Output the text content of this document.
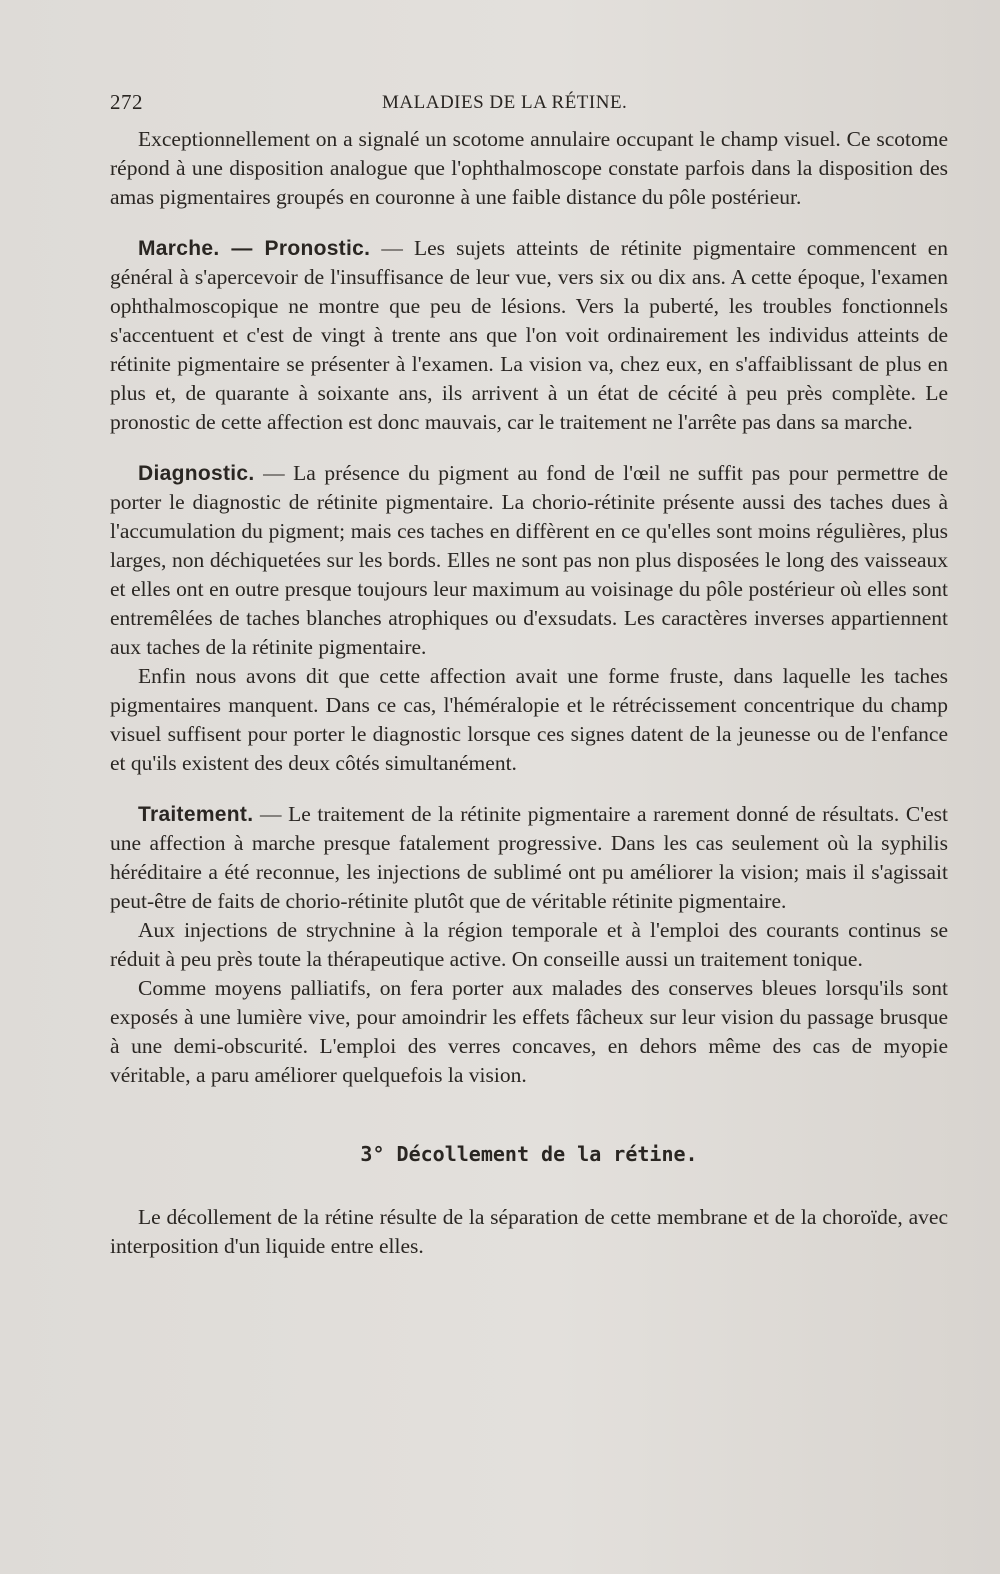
272	MALADIES DE LA RÉTINE.

Exceptionnellement on a signalé un scotome annulaire occupant le champ visuel. Ce scotome répond à une disposition analogue que l'ophthalmoscope constate parfois dans la disposition des amas pigmentaires groupés en couronne à une faible distance du pôle postérieur.

Marche. — Pronostic. — Les sujets atteints de rétinite pigmentaire commencent en général à s'apercevoir de l'insuffisance de leur vue, vers six ou dix ans. A cette époque, l'examen ophthalmoscopique ne montre que peu de lésions. Vers la puberté, les troubles fonctionnels s'accentuent et c'est de vingt à trente ans que l'on voit ordinairement les individus atteints de rétinite pigmentaire se présenter à l'examen. La vision va, chez eux, en s'affaiblissant de plus en plus et, de quarante à soixante ans, ils arrivent à un état de cécité à peu près complète. Le pronostic de cette affection est donc mauvais, car le traitement ne l'arrête pas dans sa marche.

Diagnostic. — La présence du pigment au fond de l'œil ne suffit pas pour permettre de porter le diagnostic de rétinite pigmentaire. La chorio-rétinite présente aussi des taches dues à l'accumulation du pigment; mais ces taches en diffèrent en ce qu'elles sont moins régulières, plus larges, non déchiquetées sur les bords. Elles ne sont pas non plus disposées le long des vaisseaux et elles ont en outre presque toujours leur maximum au voisinage du pôle postérieur où elles sont entremêlées de taches blanches atrophiques ou d'exsudats. Les caractères inverses appartiennent aux taches de la rétinite pigmentaire.

Enfin nous avons dit que cette affection avait une forme fruste, dans laquelle les taches pigmentaires manquent. Dans ce cas, l'héméralopie et le rétrécissement concentrique du champ visuel suffisent pour porter le diagnostic lorsque ces signes datent de la jeunesse ou de l'enfance et qu'ils existent des deux côtés simultanément.

Traitement. — Le traitement de la rétinite pigmentaire a rarement donné de résultats. C'est une affection à marche presque fatalement progressive. Dans les cas seulement où la syphilis héréditaire a été reconnue, les injections de sublimé ont pu améliorer la vision; mais il s'agissait peut-être de faits de chorio-rétinite plutôt que de véritable rétinite pigmentaire.

Aux injections de strychnine à la région temporale et à l'emploi des courants continus se réduit à peu près toute la thérapeutique active. On conseille aussi un traitement tonique.

Comme moyens palliatifs, on fera porter aux malades des conserves bleues lorsqu'ils sont exposés à une lumière vive, pour amoindrir les effets fâcheux sur leur vision du passage brusque à une demi-obscurité. L'emploi des verres concaves, en dehors même des cas de myopie véritable, a paru améliorer quelquefois la vision.

3° Décollement de la rétine.

Le décollement de la rétine résulte de la séparation de cette membrane et de la choroïde, avec interposition d'un liquide entre elles.
